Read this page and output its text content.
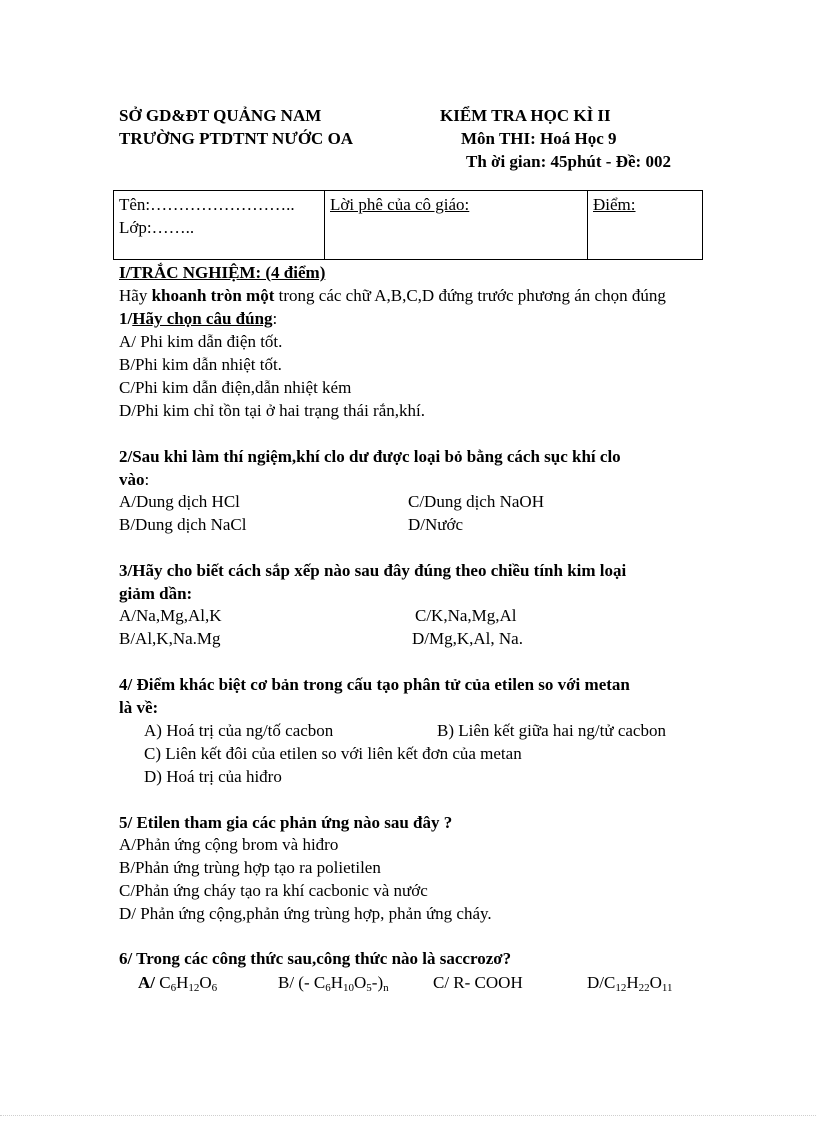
SỞ GD&ĐT QUẢNG NAM
TRƯỜNG PTDTNT NƯỚC OA
KIỂM TRA HỌC KÌ II
Môn THI: Hoá Học 9
Th ời gian: 45phút - Đề: 002
Tên:……………………..
Lớp:……..
Lời phê của cô giáo:	Điểm:
I/TRẮC NGHIỆM: (4 điểm)
Hãy khoanh tròn một trong các chữ A,B,C,D đứng trước phương án chọn đúng
1/Hãy chọn câu đúng:
A/ Phi kim dẫn điện tốt.
B/Phi kim dẫn nhiệt tốt.
C/Phi kim dẫn điện,dẫn nhiệt kém
D/Phi kim chỉ tồn tại ở hai trạng thái rắn,khí.
2/Sau khi làm thí ngiệm,khí clo dư được loại bỏ bằng cách sục khí clo
vào:
A/Dung dịch HCl	C/Dung dịch NaOH
B/Dung dịch NaCl	D/Nước
3/Hãy cho biết cách sắp xếp nào sau đây đúng theo chiều tính kim loại
giảm dần:
A/Na,Mg,Al,K	C/K,Na,Mg,Al
B/Al,K,Na.Mg	D/Mg,K,Al, Na.
4/ Điểm khác biệt cơ bản trong cấu tạo phân tử của etilen so với metan
là về:
A) Hoá trị của ng/tố cacbon	B) Liên kết giữa hai ng/tử cacbon
C) Liên kết đôi của etilen so với liên kết đơn của metan
D) Hoá trị của hiđro
5/ Etilen tham gia các phản ứng nào sau đây ?
A/Phản ứng cộng brom và hiđro
B/Phản ứng trùng hợp tạo ra polietilen
C/Phản ứng cháy tạo ra khí cacbonic và nước
D/ Phản ứng cộng,phản ứng trùng hợp, phản ứng cháy.
6/ Trong các công thức sau,công thức nào là saccrozơ?
A/ $C_6H_{12}O_6$	B/ (- $C_6H_{10}O_5-)_n$	C/ R- COOH	$D/C_{12}H_{22}O_{11}$
